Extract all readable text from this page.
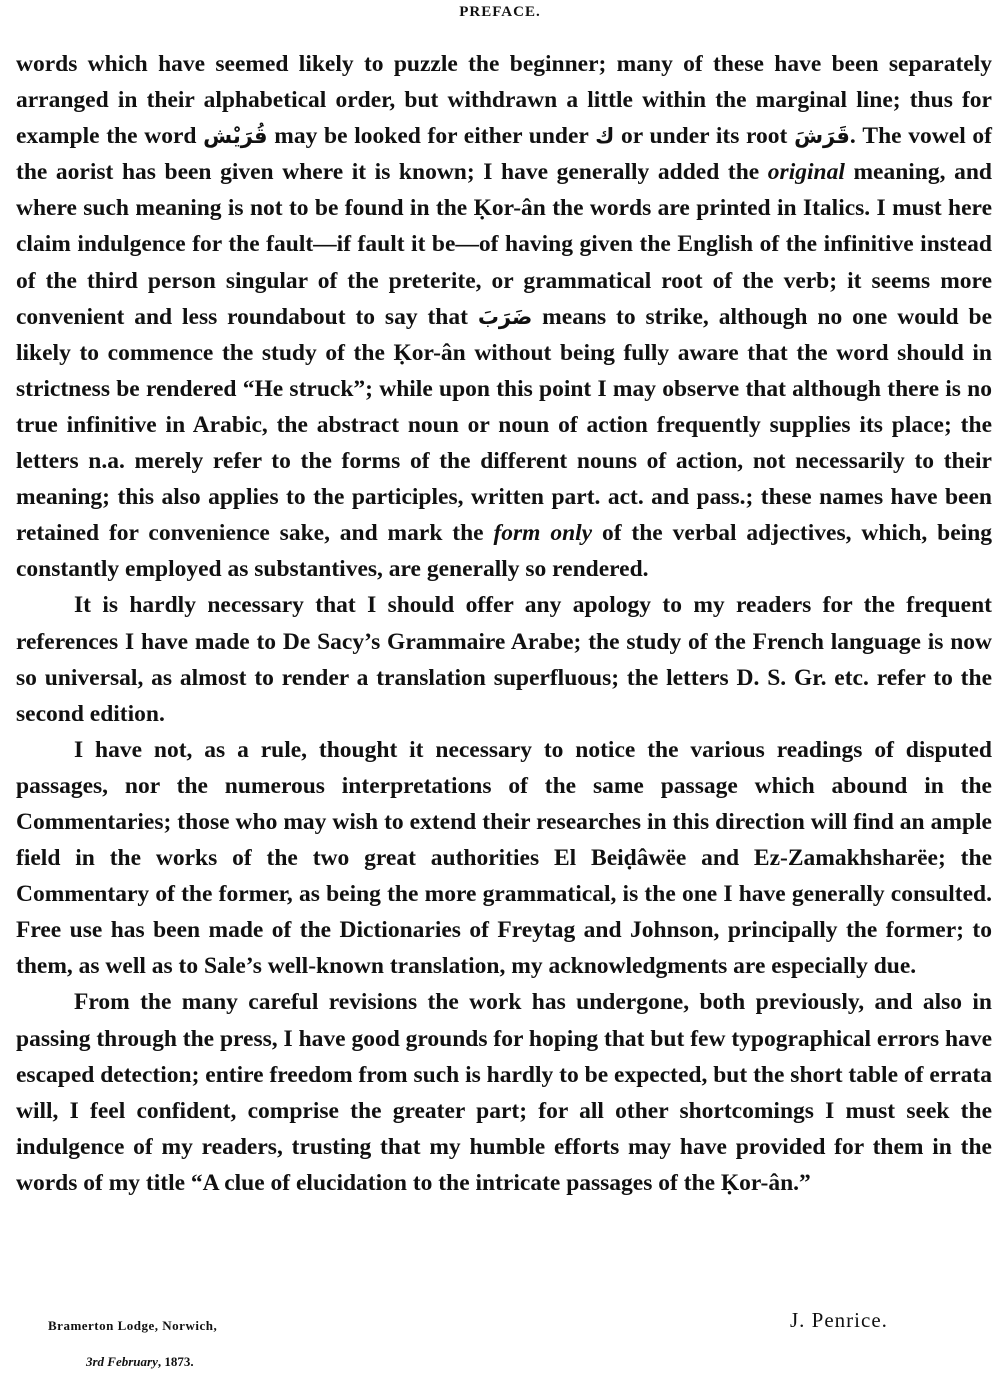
PREFACE.

words which have seemed likely to puzzle the beginner; many of these have been separately arranged in their alphabetical order, but withdrawn a little within the marginal line; thus for example the word قُرَيْش may be looked for either under ك or under its root قَرَشَ. The vowel of the aorist has been given where it is known; I have generally added the original meaning, and where such meaning is not to be found in the Ḳor-ân the words are printed in Italics. I must here claim indulgence for the fault—if fault it be—of having given the English of the infinitive instead of the third person singular of the preterite, or grammatical root of the verb; it seems more convenient and less roundabout to say that ضَرَبَ means to strike, although no one would be likely to commence the study of the Ḳor-ân without being fully aware that the word should in strictness be rendered “He struck”; while upon this point I may observe that although there is no true infinitive in Arabic, the abstract noun or noun of action frequently supplies its place; the letters n.a. merely refer to the forms of the different nouns of action, not necessarily to their meaning; this also applies to the participles, written part. act. and pass.; these names have been retained for convenience sake, and mark the form only of the verbal adjectives, which, being constantly employed as substantives, are generally so rendered.

It is hardly necessary that I should offer any apology to my readers for the frequent references I have made to De Sacy’s Grammaire Arabe; the study of the French language is now so universal, as almost to render a translation superfluous; the letters D. S. Gr. etc. refer to the second edition.

I have not, as a rule, thought it necessary to notice the various readings of disputed passages, nor the numerous interpretations of the same passage which abound in the Commentaries; those who may wish to extend their researches in this direction will find an ample field in the works of the two great authorities El Beiḍâwëe and Ez-Zamakhsharëe; the Commentary of the former, as being the more grammatical, is the one I have generally consulted. Free use has been made of the Dictionaries of Freytag and Johnson, principally the former; to them, as well as to Sale’s well-known translation, my acknowledgments are especially due.

From the many careful revisions the work has undergone, both previously, and also in passing through the press, I have good grounds for hoping that but few typographical errors have escaped detection; entire freedom from such is hardly to be expected, but the short table of errata will, I feel confident, comprise the greater part; for all other shortcomings I must seek the indulgence of my readers, trusting that my humble efforts may have provided for them in the words of my title “A clue of elucidation to the intricate passages of the Ḳor-ân.”

Bramerton Lodge, Norwich,
3rd February, 1873.
J. Penrice.
